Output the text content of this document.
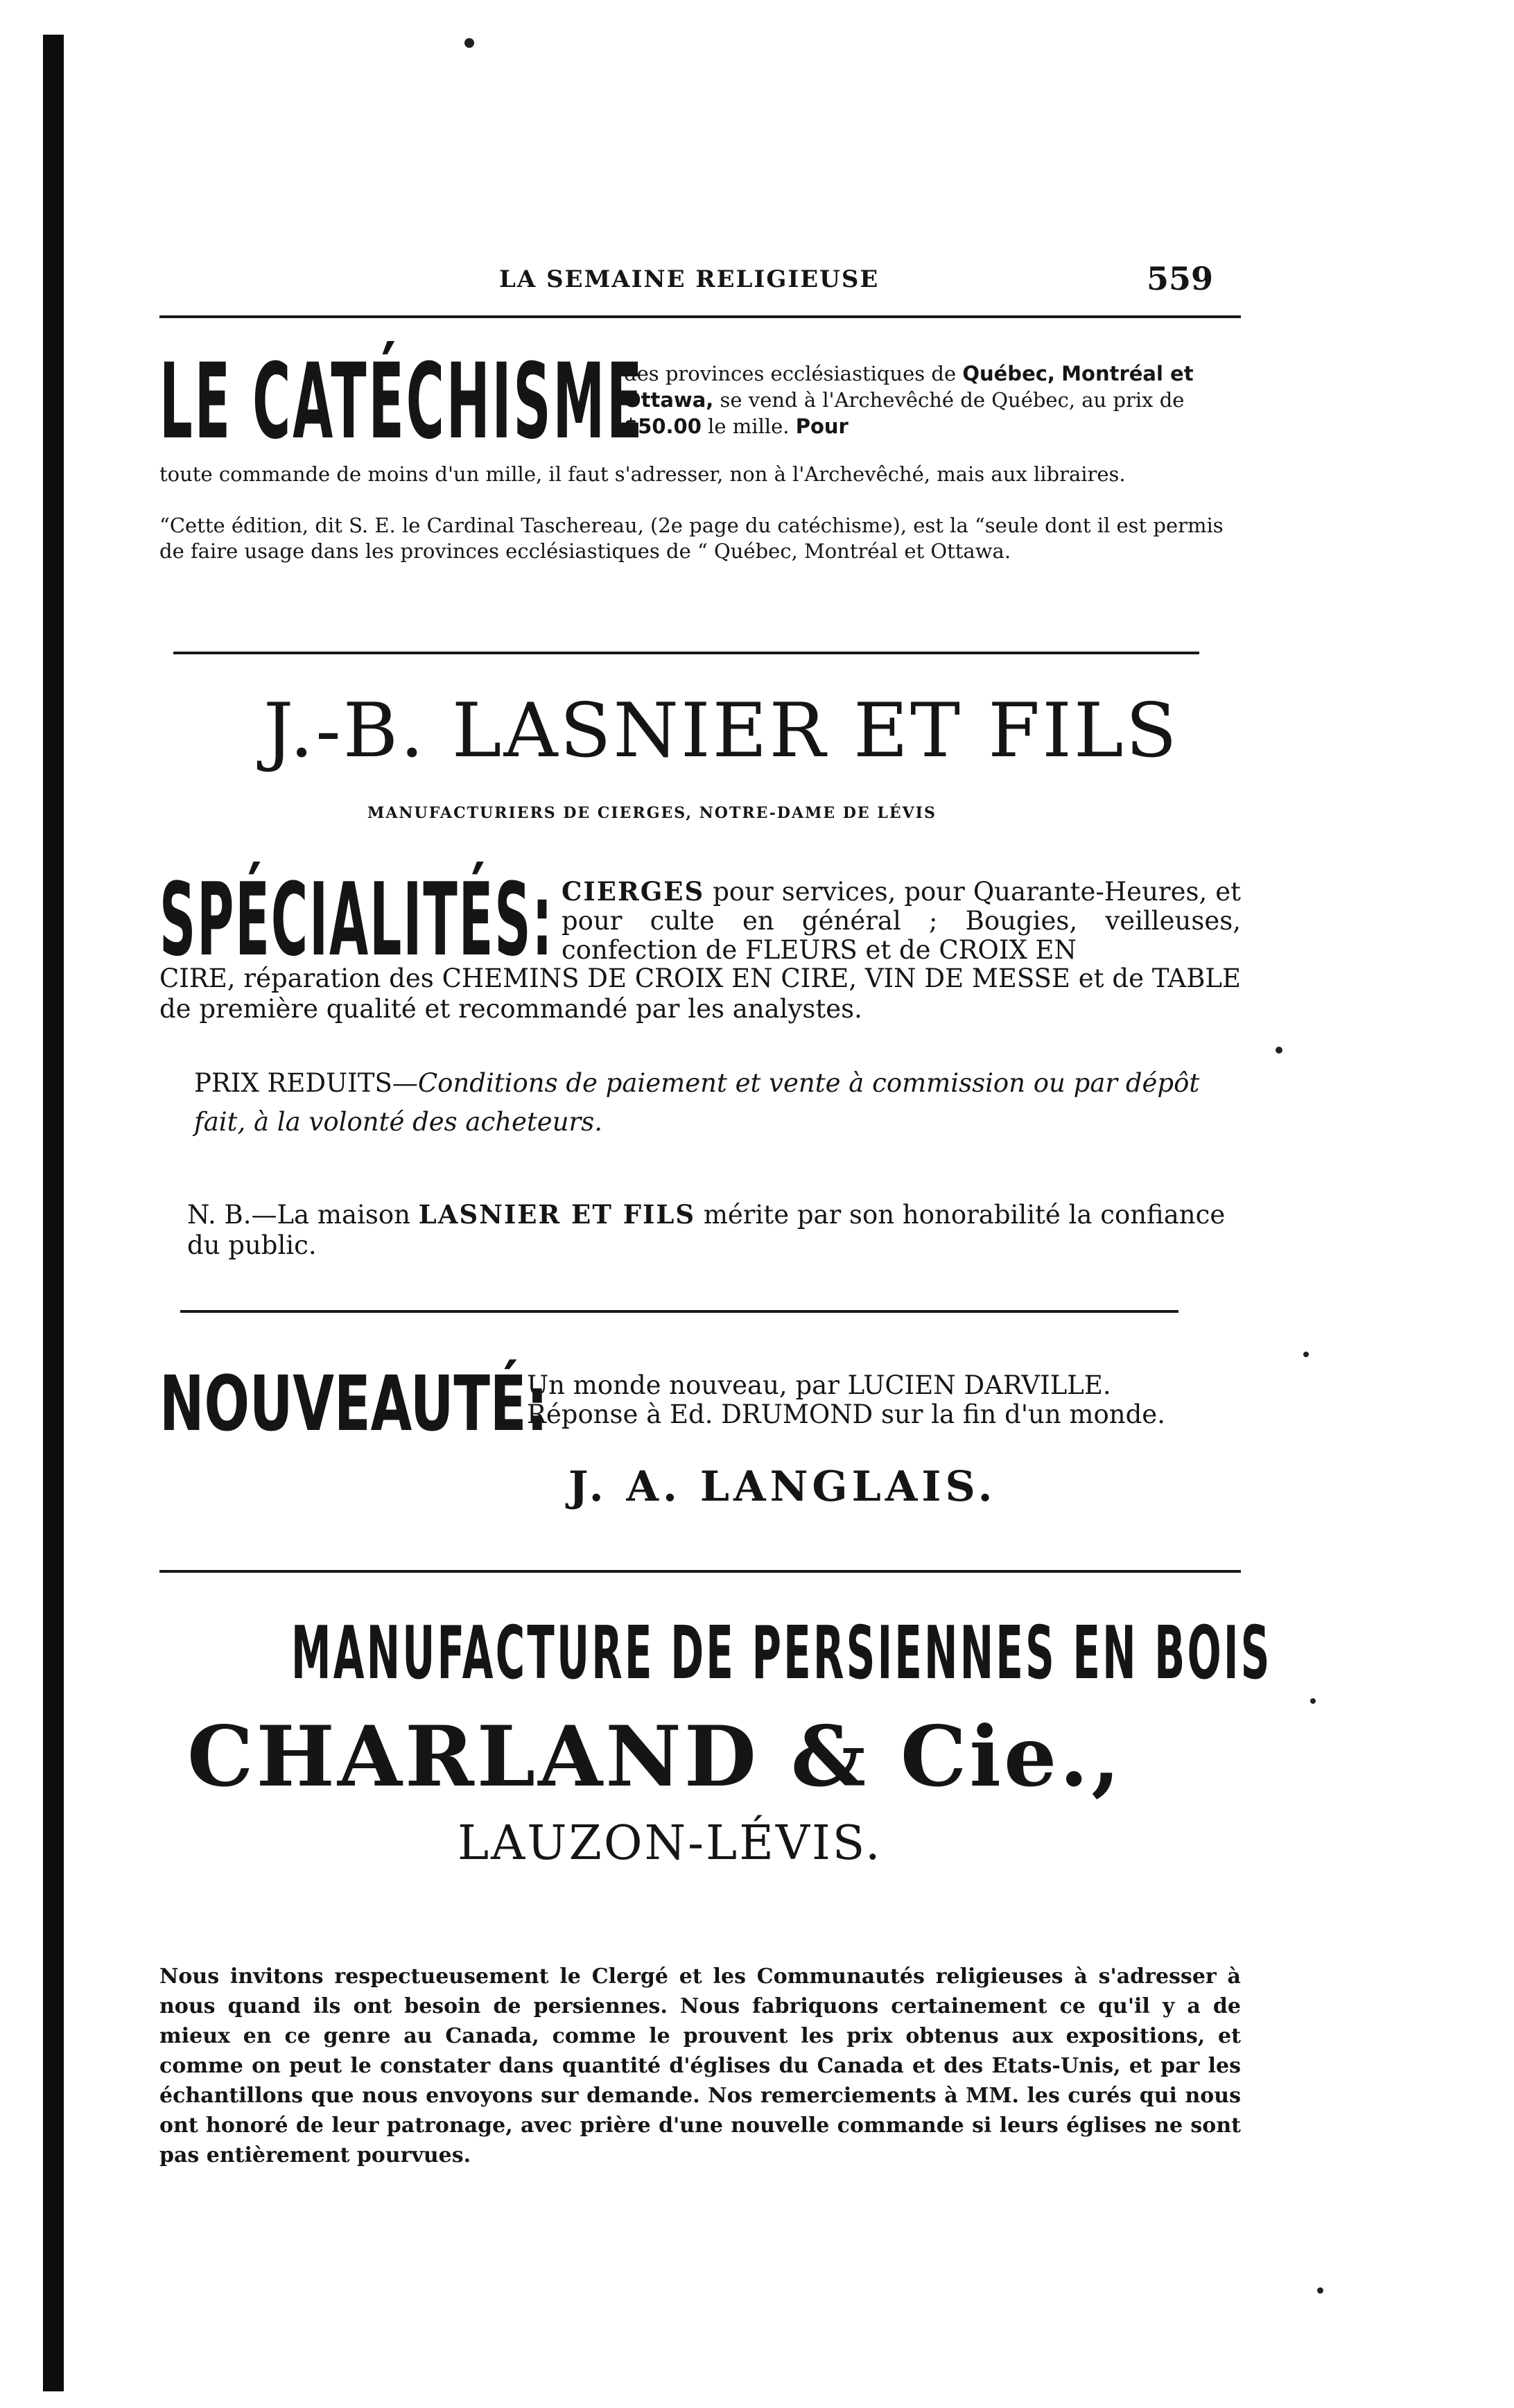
LA SEMAINE RELIGIEUSE	559
LE CATÉCHISME
des provinces ecclésiastiques de Québec, Montréal et Ottawa, se vend à l'Archevêché de Québec, au prix de $50.00 le mille. Pour
toute commande de moins d'un mille, il faut s'adresser, non à l'Archevêché, mais aux libraires.
“Cette édition, dit S. E. le Cardinal Taschereau, (2e page du catéchisme), est la “seule dont il est permis de faire usage dans les provinces ecclésiastiques de “ Québec, Montréal et Ottawa.
J.-B. LASNIER ET FILS
MANUFACTURIERS DE CIERGES, NOTRE-DAME DE LÉVIS
SPÉCIALITÉS: CIERGES pour services, pour Quarante-Heures, et pour culte en général ; Bougies, veilleuses, confection de FLEURS et de CROIX EN
CIRE, réparation des CHEMINS DE CROIX EN CIRE, VIN DE MESSE et de TABLE de première qualité et recommandé par les analystes.
PRIX REDUITS—Conditions de paiement et vente à commission ou par dépôt fait, à la volonté des acheteurs.
N. B.—La maison LASNIER ET FILS mérite par son honorabilité la confiance du public.
NOUVEAUTÉ:
Un monde nouveau, par LUCIEN DARVILLE.
Réponse à Ed. DRUMOND sur la fin d'un monde.
J. A. LANGLAIS.
MANUFACTURE DE PERSIENNES EN BOIS
CHARLAND & Cie.,
LAUZON-LÉVIS.
Nous invitons respectueusement le Clergé et les Communautés religieuses à s'adresser à nous quand ils ont besoin de persiennes. Nous fabriquons certainement ce qu'il y a de mieux en ce genre au Canada, comme le prouvent les prix obtenus aux expositions, et comme on peut le constater dans quantité d'églises du Canada et des Etats-Unis, et par les échantillons que nous envoyons sur demande. Nos remerciements à MM. les curés qui nous ont honoré de leur patronage, avec prière d'une nouvelle commande si leurs églises ne sont pas entièrement pourvues.
